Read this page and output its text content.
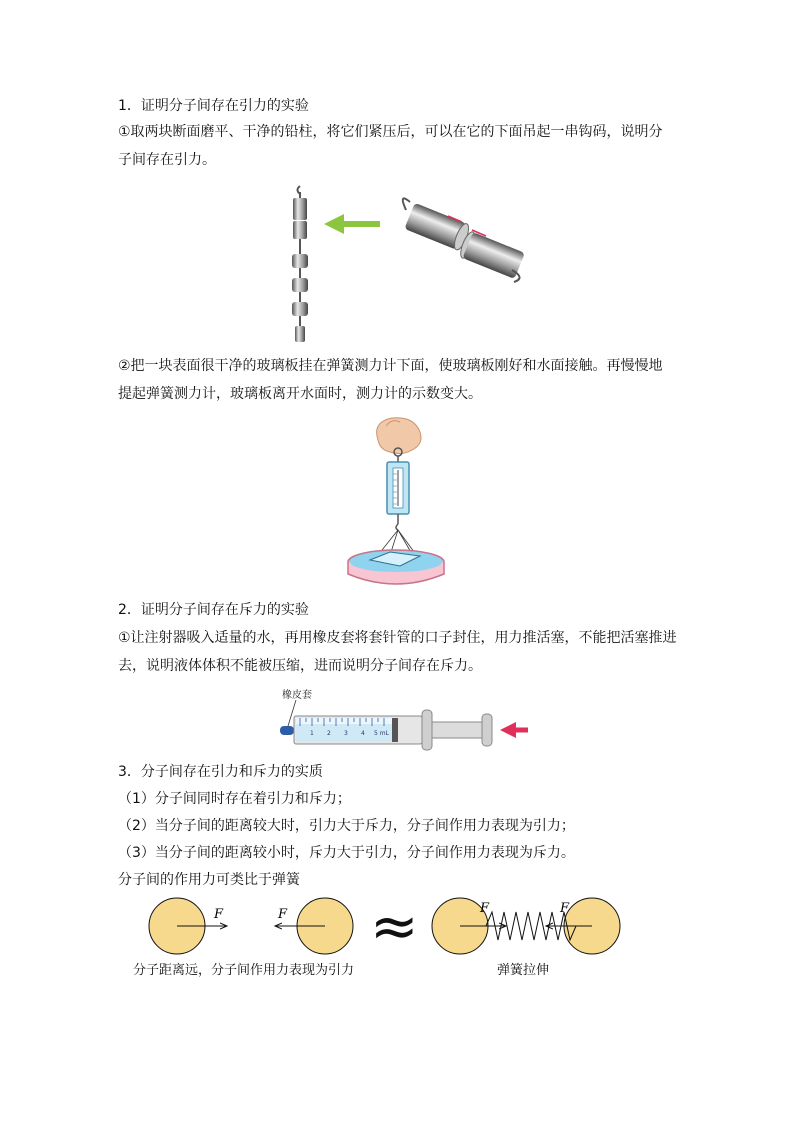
1．证明分子间存在引力的实验
①取两块断面磨平、干净的铅柱，将它们紧压后，可以在它的下面吊起一串钩码，说明分
子间存在引力。
②把一块表面很干净的玻璃板挂在弹簧测力计下面，使玻璃板刚好和水面接触。再慢慢地
提起弹簧测力计，玻璃板离开水面时，测力计的示数变大。
2．证明分子间存在斥力的实验
①让注射器吸入适量的水，再用橡皮套将套针管的口子封住，用力推活塞，不能把活塞推进
去，说明液体体积不能被压缩，进而说明分子间存在斥力。
橡皮套
1 2 3 4 5 mL
3．分子间存在引力和斥力的实质
（1）分子间同时存在着引力和斥力；
（2）当分子间的距离较大时，引力大于斥力，分子间作用力表现为引力；
（3）当分子间的距离较小时，斥力大于引力，分子间作用力表现为斥力。
分子间的作用力可类比于弹簧
F	F ≈	F	F
分子距离远，分子间作用力表现为引力	弹簧拉伸
